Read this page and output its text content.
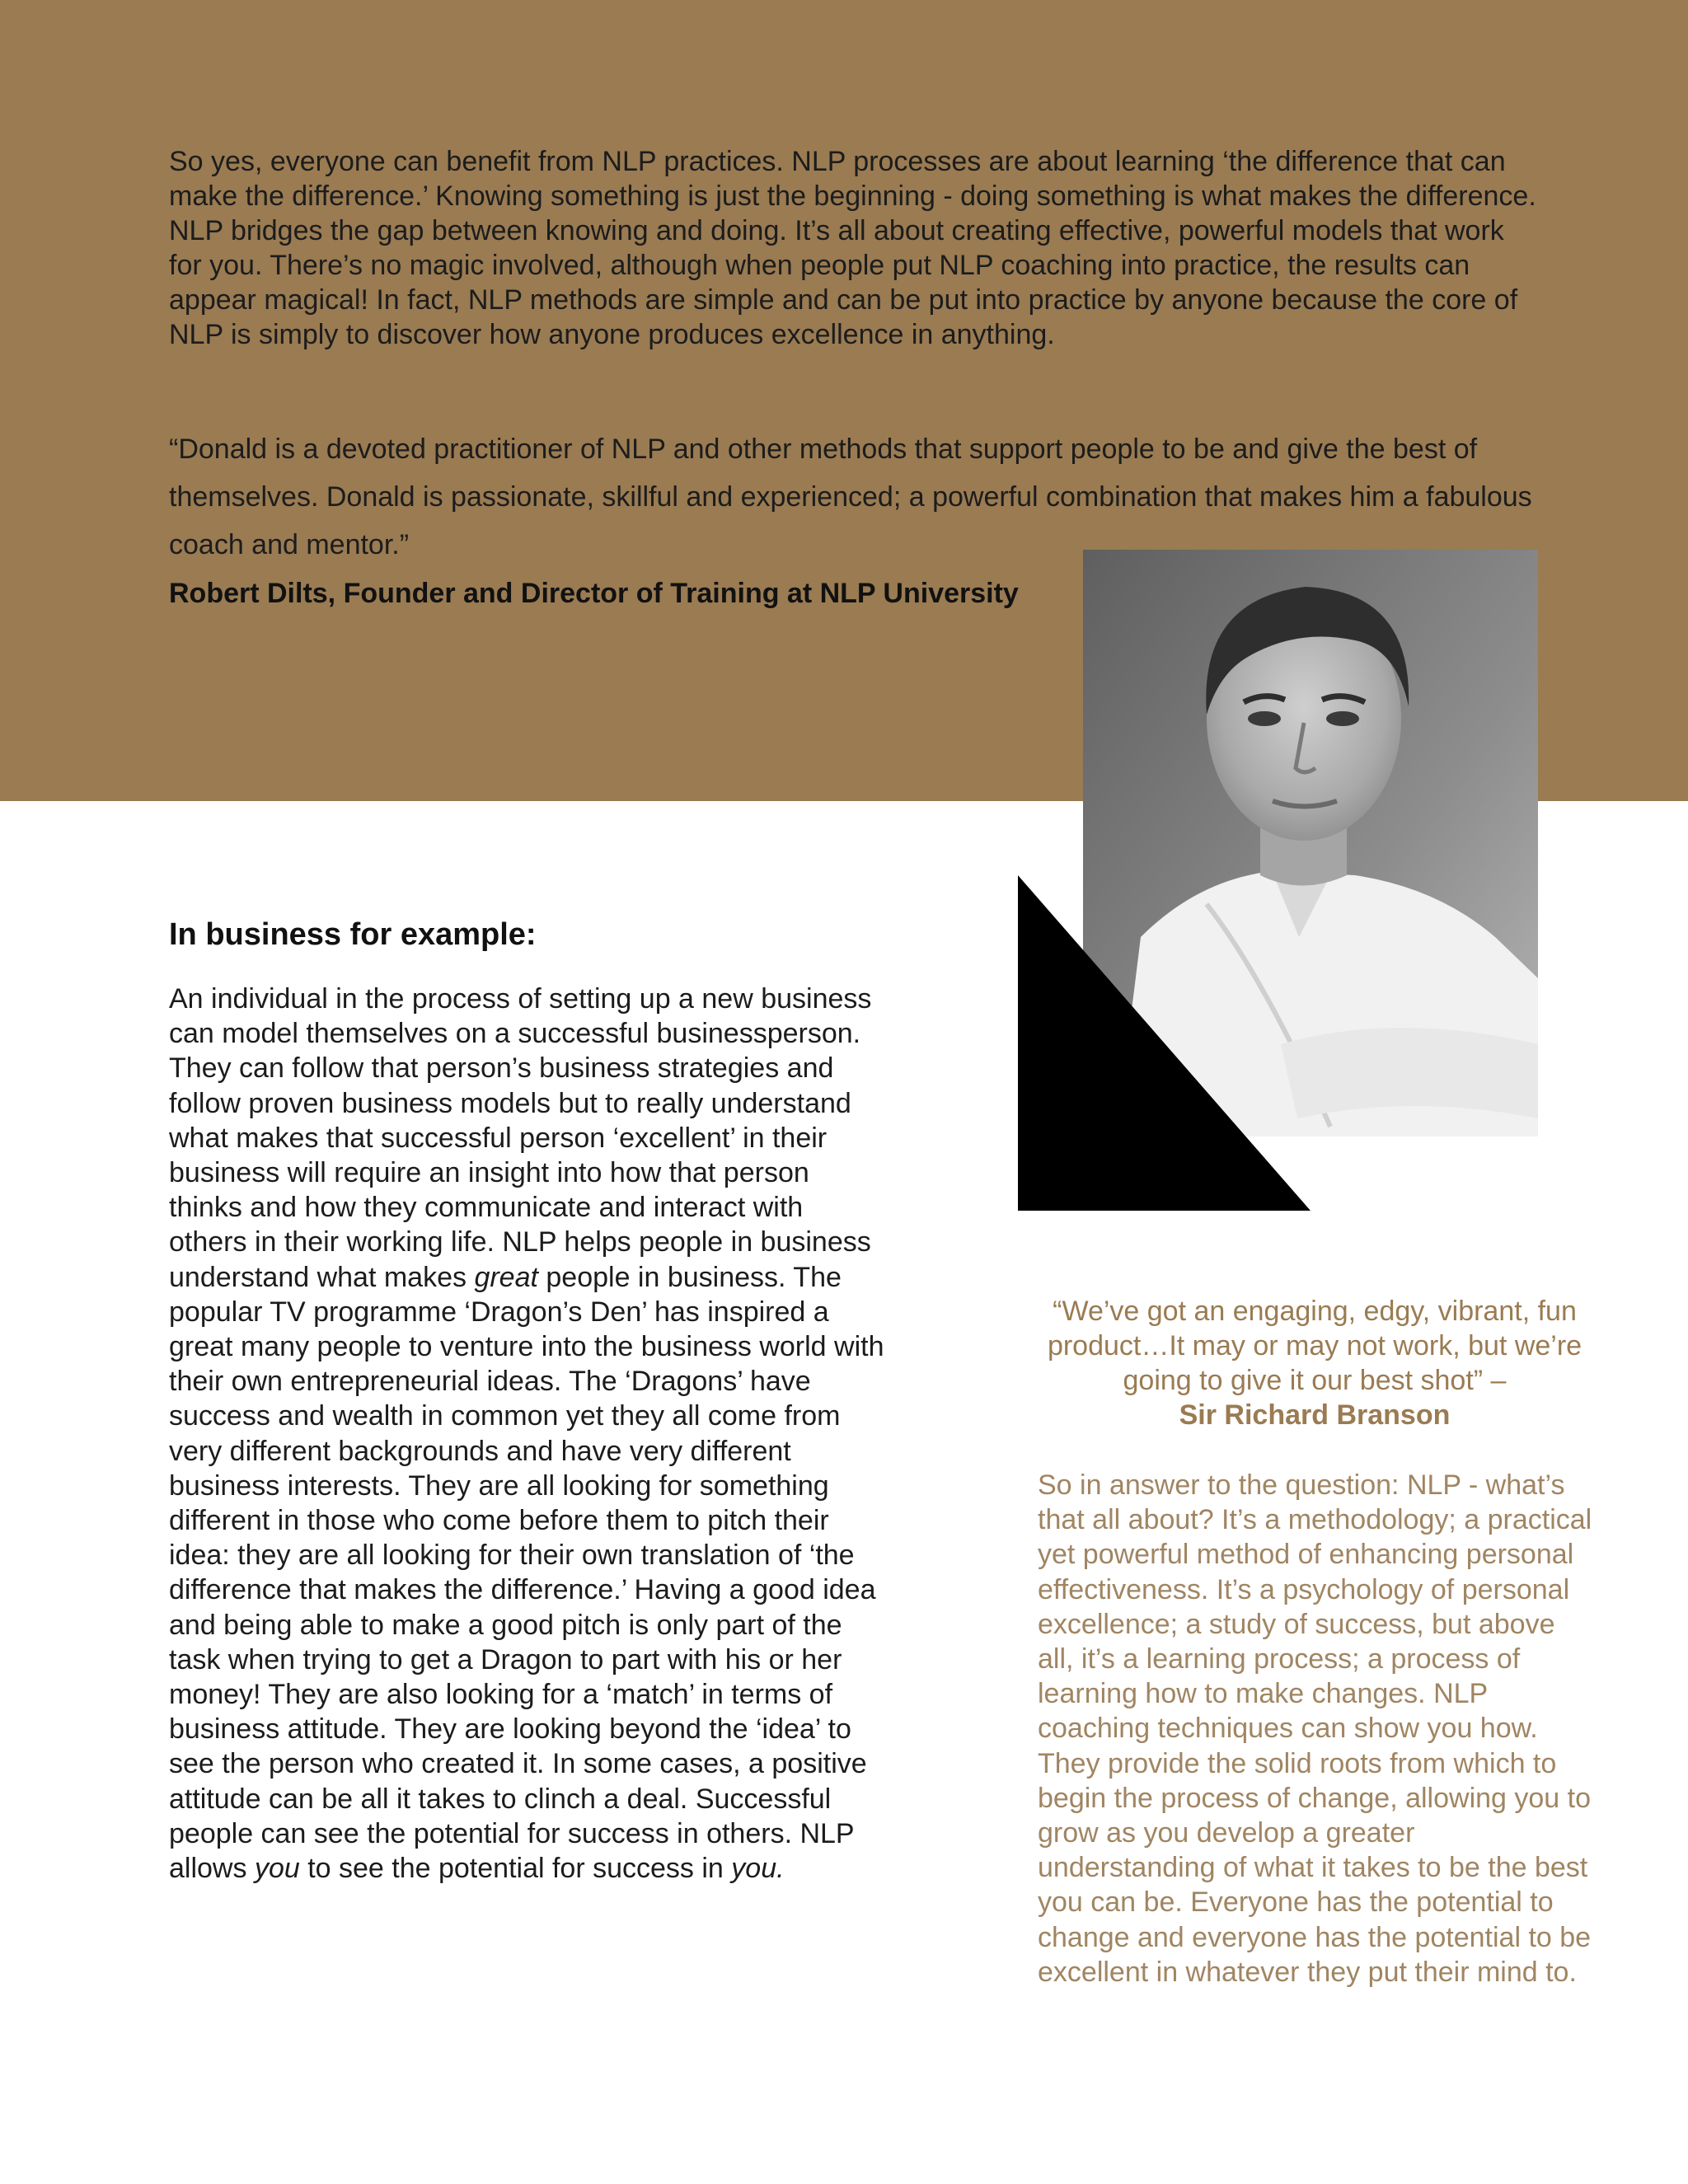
So yes, everyone can benefit from NLP practices. NLP processes are about learning ‘the difference that can make the difference.’ Knowing something is just the beginning - doing something is what makes the difference. NLP bridges the gap between knowing and doing. It’s all about creating effective, powerful models that work for you. There’s no magic involved, although when people put NLP coaching into practice, the results can appear magical! In fact, NLP methods are simple and can be put into practice by anyone because the core of NLP is simply to discover how anyone produces excellence in anything.

“Donald is a devoted practitioner of NLP and other methods that support people to be and give the best of themselves. Donald is passionate, skillful and experienced; a powerful combination that makes him a fabulous coach and mentor.”

Robert Dilts, Founder and Director of Training at NLP University

In business for example:

An individual in the process of setting up a new business can model themselves on a successful businessperson. They can follow that person’s business strategies and follow proven business models but to really understand what makes that successful person ‘excellent’ in their business will require an insight into how that person thinks and how they communicate and interact with others in their working life. NLP helps people in business understand what makes great people in business. The popular TV programme ‘Dragon’s Den’ has inspired a great many people to venture into the business world with their own entrepreneurial ideas. The ‘Dragons’ have success and wealth in common yet they all come from very different backgrounds and have very different business interests. They are all looking for something different in those who come before them to pitch their idea: they are all looking for their own translation of ‘the difference that makes the difference.’ Having a good idea and being able to make a good pitch is only part of the task when trying to get a Dragon to part with his or her money! They are also looking for a ‘match’ in terms of business attitude. They are looking beyond the ‘idea’ to see the person who created it. In some cases, a positive attitude can be all it takes to clinch a deal. Successful people can see the potential for success in others. NLP allows you to see the potential for success in you.

“We’ve got an engaging, edgy, vibrant, fun product…It may or may not work, but we’re going to give it our best shot” –

Sir Richard Branson

So in answer to the question: NLP - what’s that all about? It’s a methodology; a practical yet powerful method of enhancing personal effectiveness. It’s a psychology of personal excellence; a study of success, but above all, it’s a learning process; a process of learning how to make changes. NLP coaching techniques can show you how. They provide the solid roots from which to begin the process of change, allowing you to grow as you develop a greater understanding of what it takes to be the best you can be. Everyone has the potential to change and everyone has the potential to be excellent in whatever they put their mind to.
